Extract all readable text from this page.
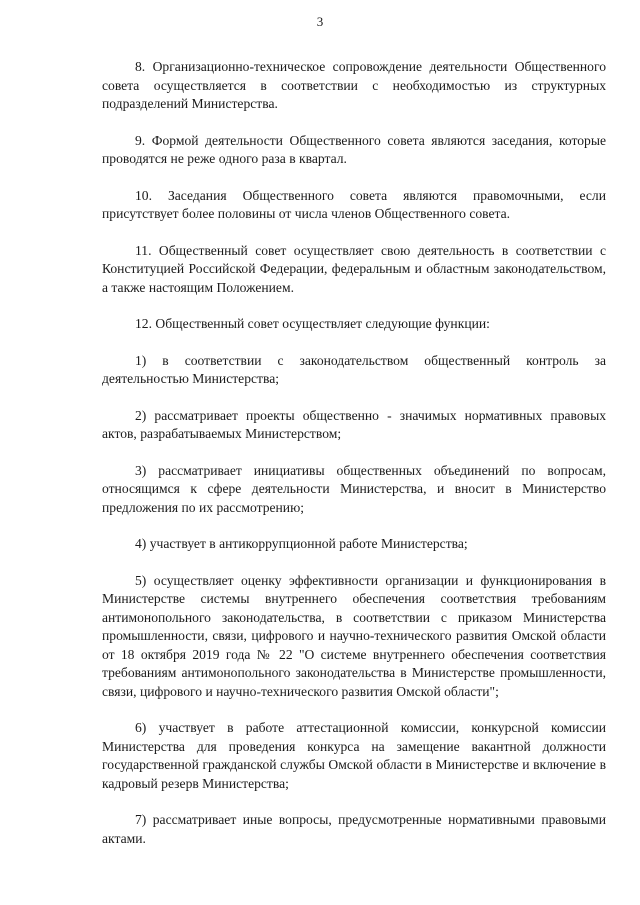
3

8. Организационно-техническое сопровождение деятельности Общественного совета осуществляется в соответствии с необходимостью из структурных подразделений Министерства.

9. Формой деятельности Общественного совета являются заседания, которые проводятся не реже одного раза в квартал.

10. Заседания Общественного совета являются правомочными, если присутствует более половины от числа членов Общественного совета.

11. Общественный совет осуществляет свою деятельность в соответствии с Конституцией Российской Федерации, федеральным и областным законодательством, а также настоящим Положением.

12. Общественный совет осуществляет следующие функции:

1) в соответствии с законодательством общественный контроль за деятельностью Министерства;

2) рассматривает проекты общественно - значимых нормативных правовых актов, разрабатываемых Министерством;

3) рассматривает инициативы общественных объединений по вопросам, относящимся к сфере деятельности Министерства, и вносит в Министерство предложения по их рассмотрению;

4) участвует в антикоррупционной работе Министерства;

5) осуществляет оценку эффективности организации и функционирования в Министерстве системы внутреннего обеспечения соответствия требованиям антимонопольного законодательства, в соответствии с приказом Министерства промышленности, связи, цифрового и научно-технического развития Омской области от 18 октября 2019 года № 22 "О системе внутреннего обеспечения соответствия требованиям антимонопольного законодательства в Министерстве промышленности, связи, цифрового и научно-технического развития Омской области";

6) участвует в работе аттестационной комиссии, конкурсной комиссии Министерства для проведения конкурса на замещение вакантной должности государственной гражданской службы Омской области в Министерстве и включение в кадровый резерв Министерства;

7) рассматривает иные вопросы, предусмотренные нормативными правовыми актами.
